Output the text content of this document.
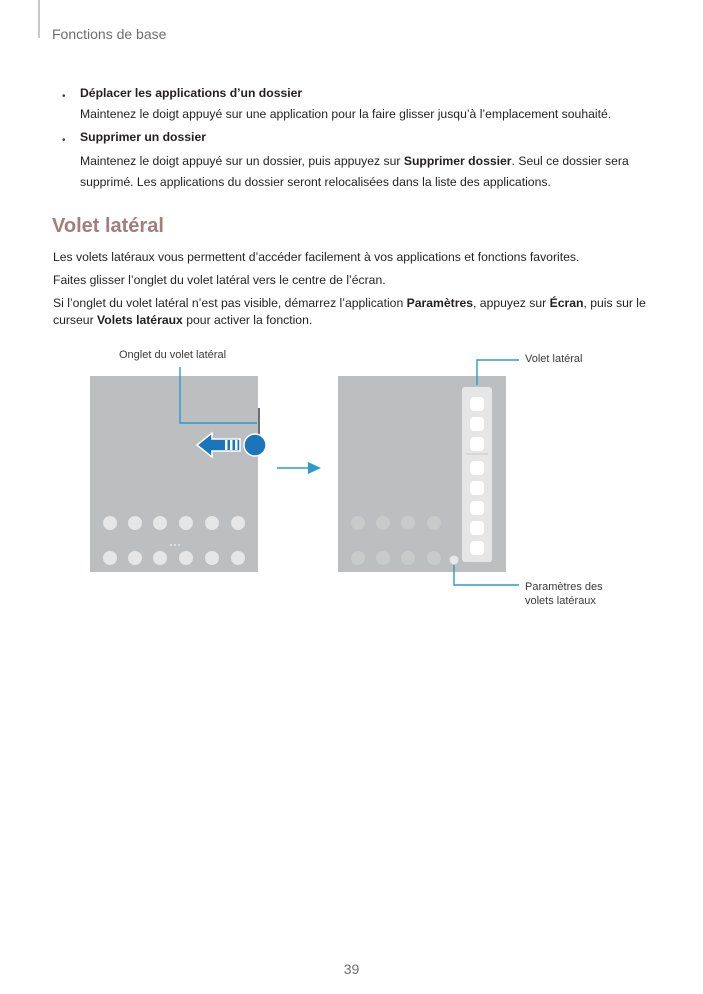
Fonctions de base
• Déplacer les applications d’un dossier
Maintenez le doigt appuyé sur une application pour la faire glisser jusqu’à l’emplacement souhaité.
• Supprimer un dossier
Maintenez le doigt appuyé sur un dossier, puis appuyez sur Supprimer dossier. Seul ce dossier sera supprimé. Les applications du dossier seront relocalisées dans la liste des applications.
Volet latéral
Les volets latéraux vous permettent d’accéder facilement à vos applications et fonctions favorites.
Faites glisser l’onglet du volet latéral vers le centre de l’écran.
Si l’onglet du volet latéral n’est pas visible, démarrez l’application Paramètres, appuyez sur Écran, puis sur le curseur Volets latéraux pour activer la fonction.
Onglet du volet latéral	Volet latéral
Paramètres des
volets latéraux
39
